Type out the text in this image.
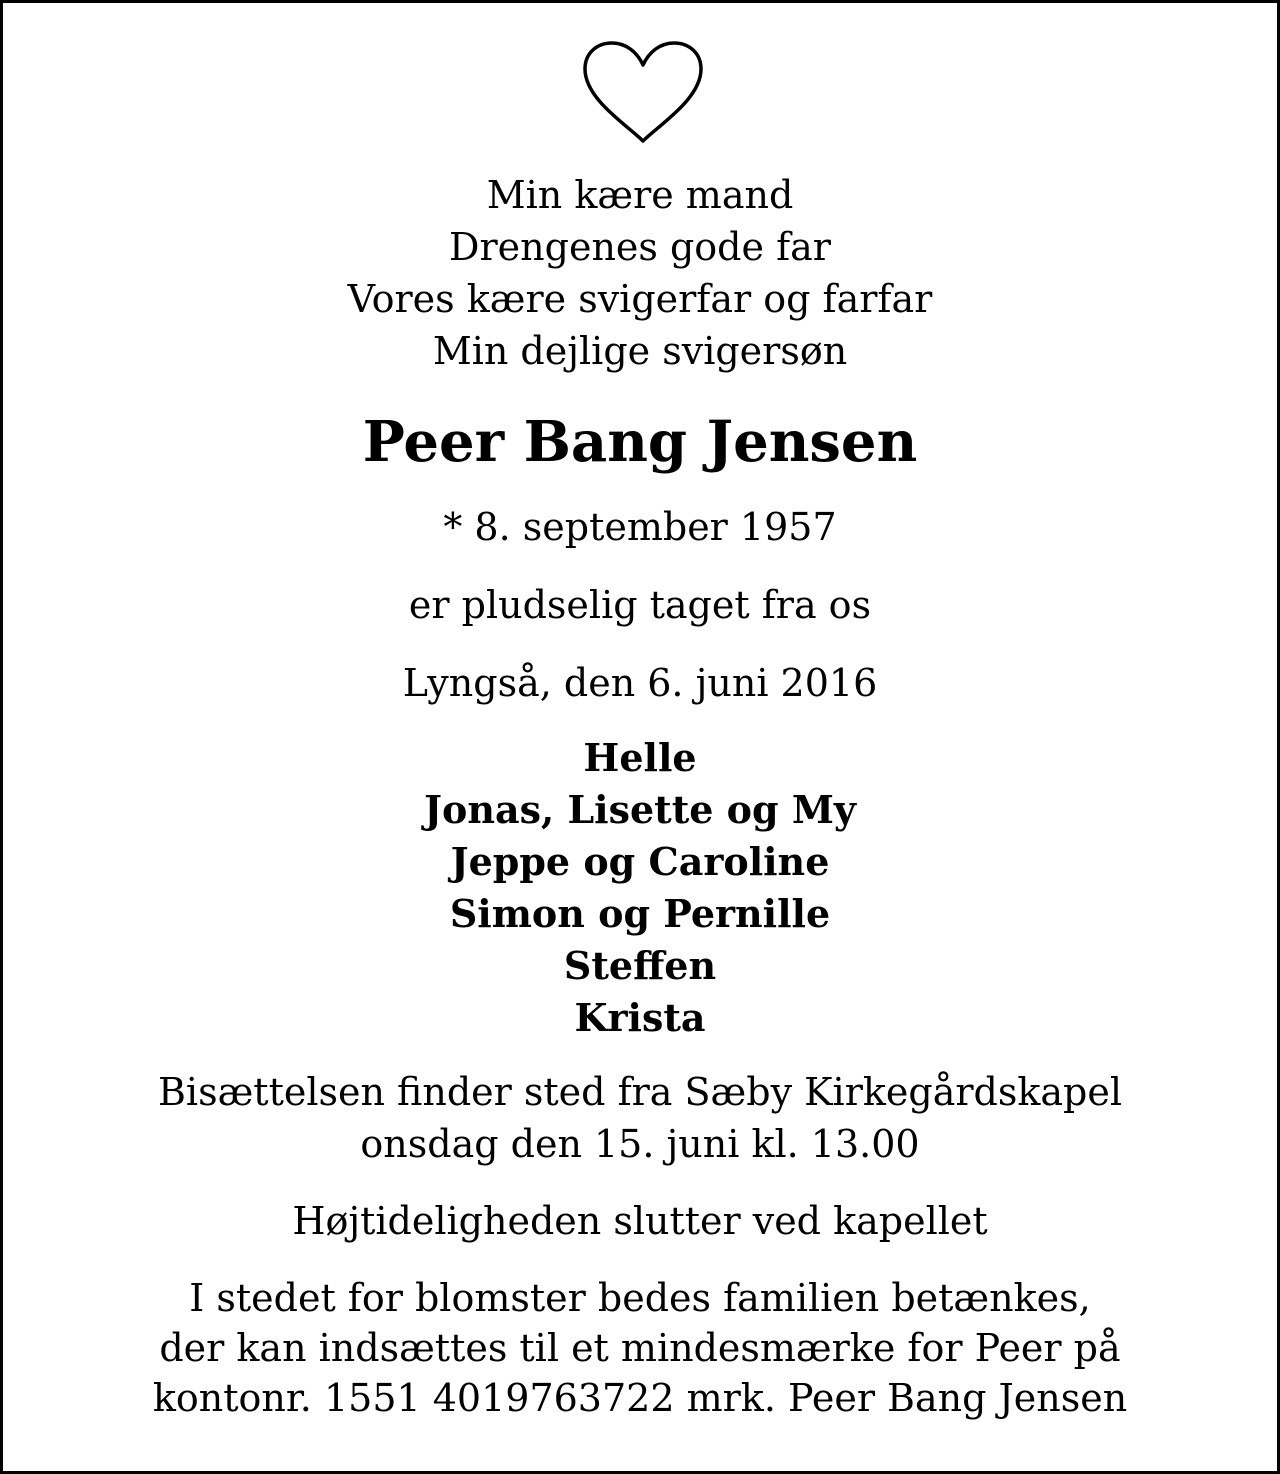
Min kære mand
Drengenes gode far
Vores kære svigerfar og farfar
Min dejlige svigersøn
Peer Bang Jensen
* 8. september 1957
er pludselig taget fra os
Lyngså, den 6. juni 2016
Helle
Jonas, Lisette og My
Jeppe og Caroline
Simon og Pernille
Steffen
Krista
Bisættelsen finder sted fra Sæby Kirkegårdskapel
onsdag den 15. juni kl. 13.00
Højtideligheden slutter ved kapellet
I stedet for blomster bedes familien betænkes,
der kan indsættes til et mindesmærke for Peer på
kontonr. 1551 4019763722 mrk. Peer Bang Jensen
